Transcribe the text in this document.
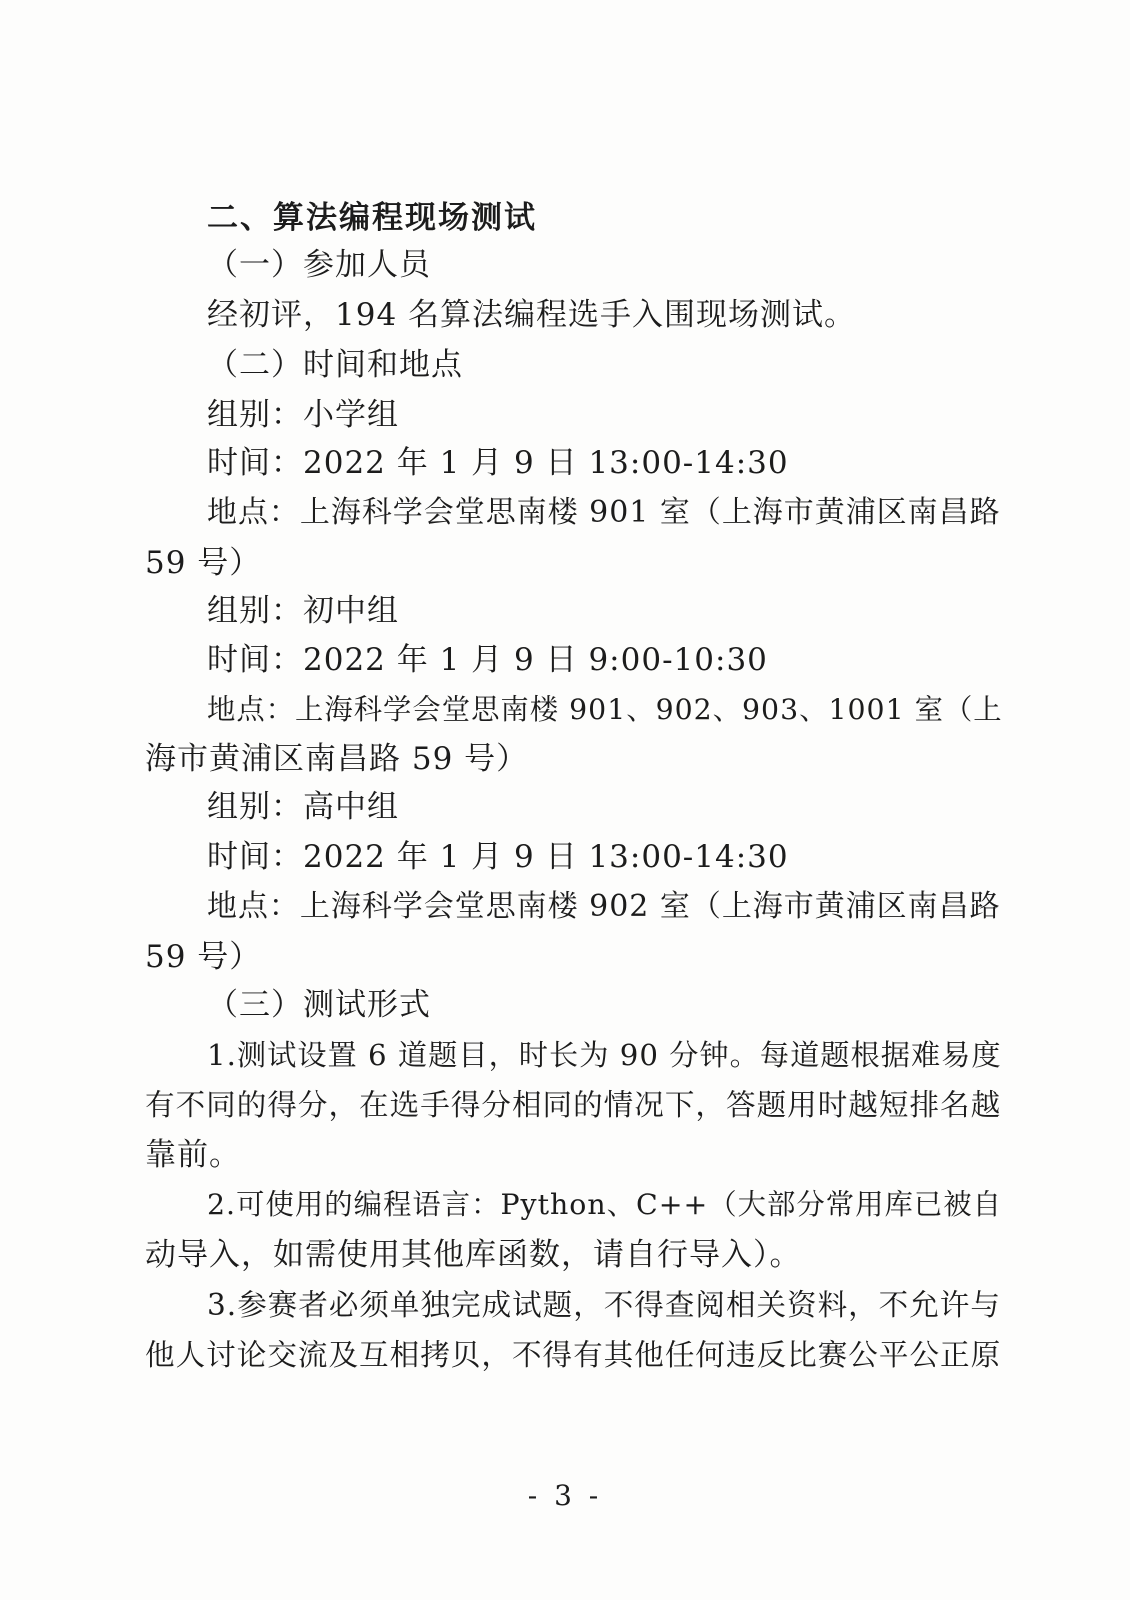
二、算法编程现场测试
（一）参加人员
经初评，194 名算法编程选手入围现场测试。
（二）时间和地点
组别：小学组
时间：2022 年 1 月 9 日 13:00-14:30
地点：上海科学会堂思南楼 901 室（上海市黄浦区南昌路
59 号）
组别：初中组
时间：2022 年 1 月 9 日 9:00-10:30
地点：上海科学会堂思南楼 901、902、903、1001 室（上
海市黄浦区南昌路 59 号）
组别：高中组
时间：2022 年 1 月 9 日 13:00-14:30
地点：上海科学会堂思南楼 902 室（上海市黄浦区南昌路
59 号）
（三）测试形式
1.测试设置 6 道题目，时长为 90 分钟。每道题根据难易度
有不同的得分，在选手得分相同的情况下，答题用时越短排名越
靠前。
2.可使用的编程语言：Python、C++（大部分常用库已被自
动导入，如需使用其他库函数，请自行导入）。
3.参赛者必须单独完成试题，不得查阅相关资料，不允许与
他人讨论交流及互相拷贝，不得有其他任何违反比赛公平公正原
- 3 -
